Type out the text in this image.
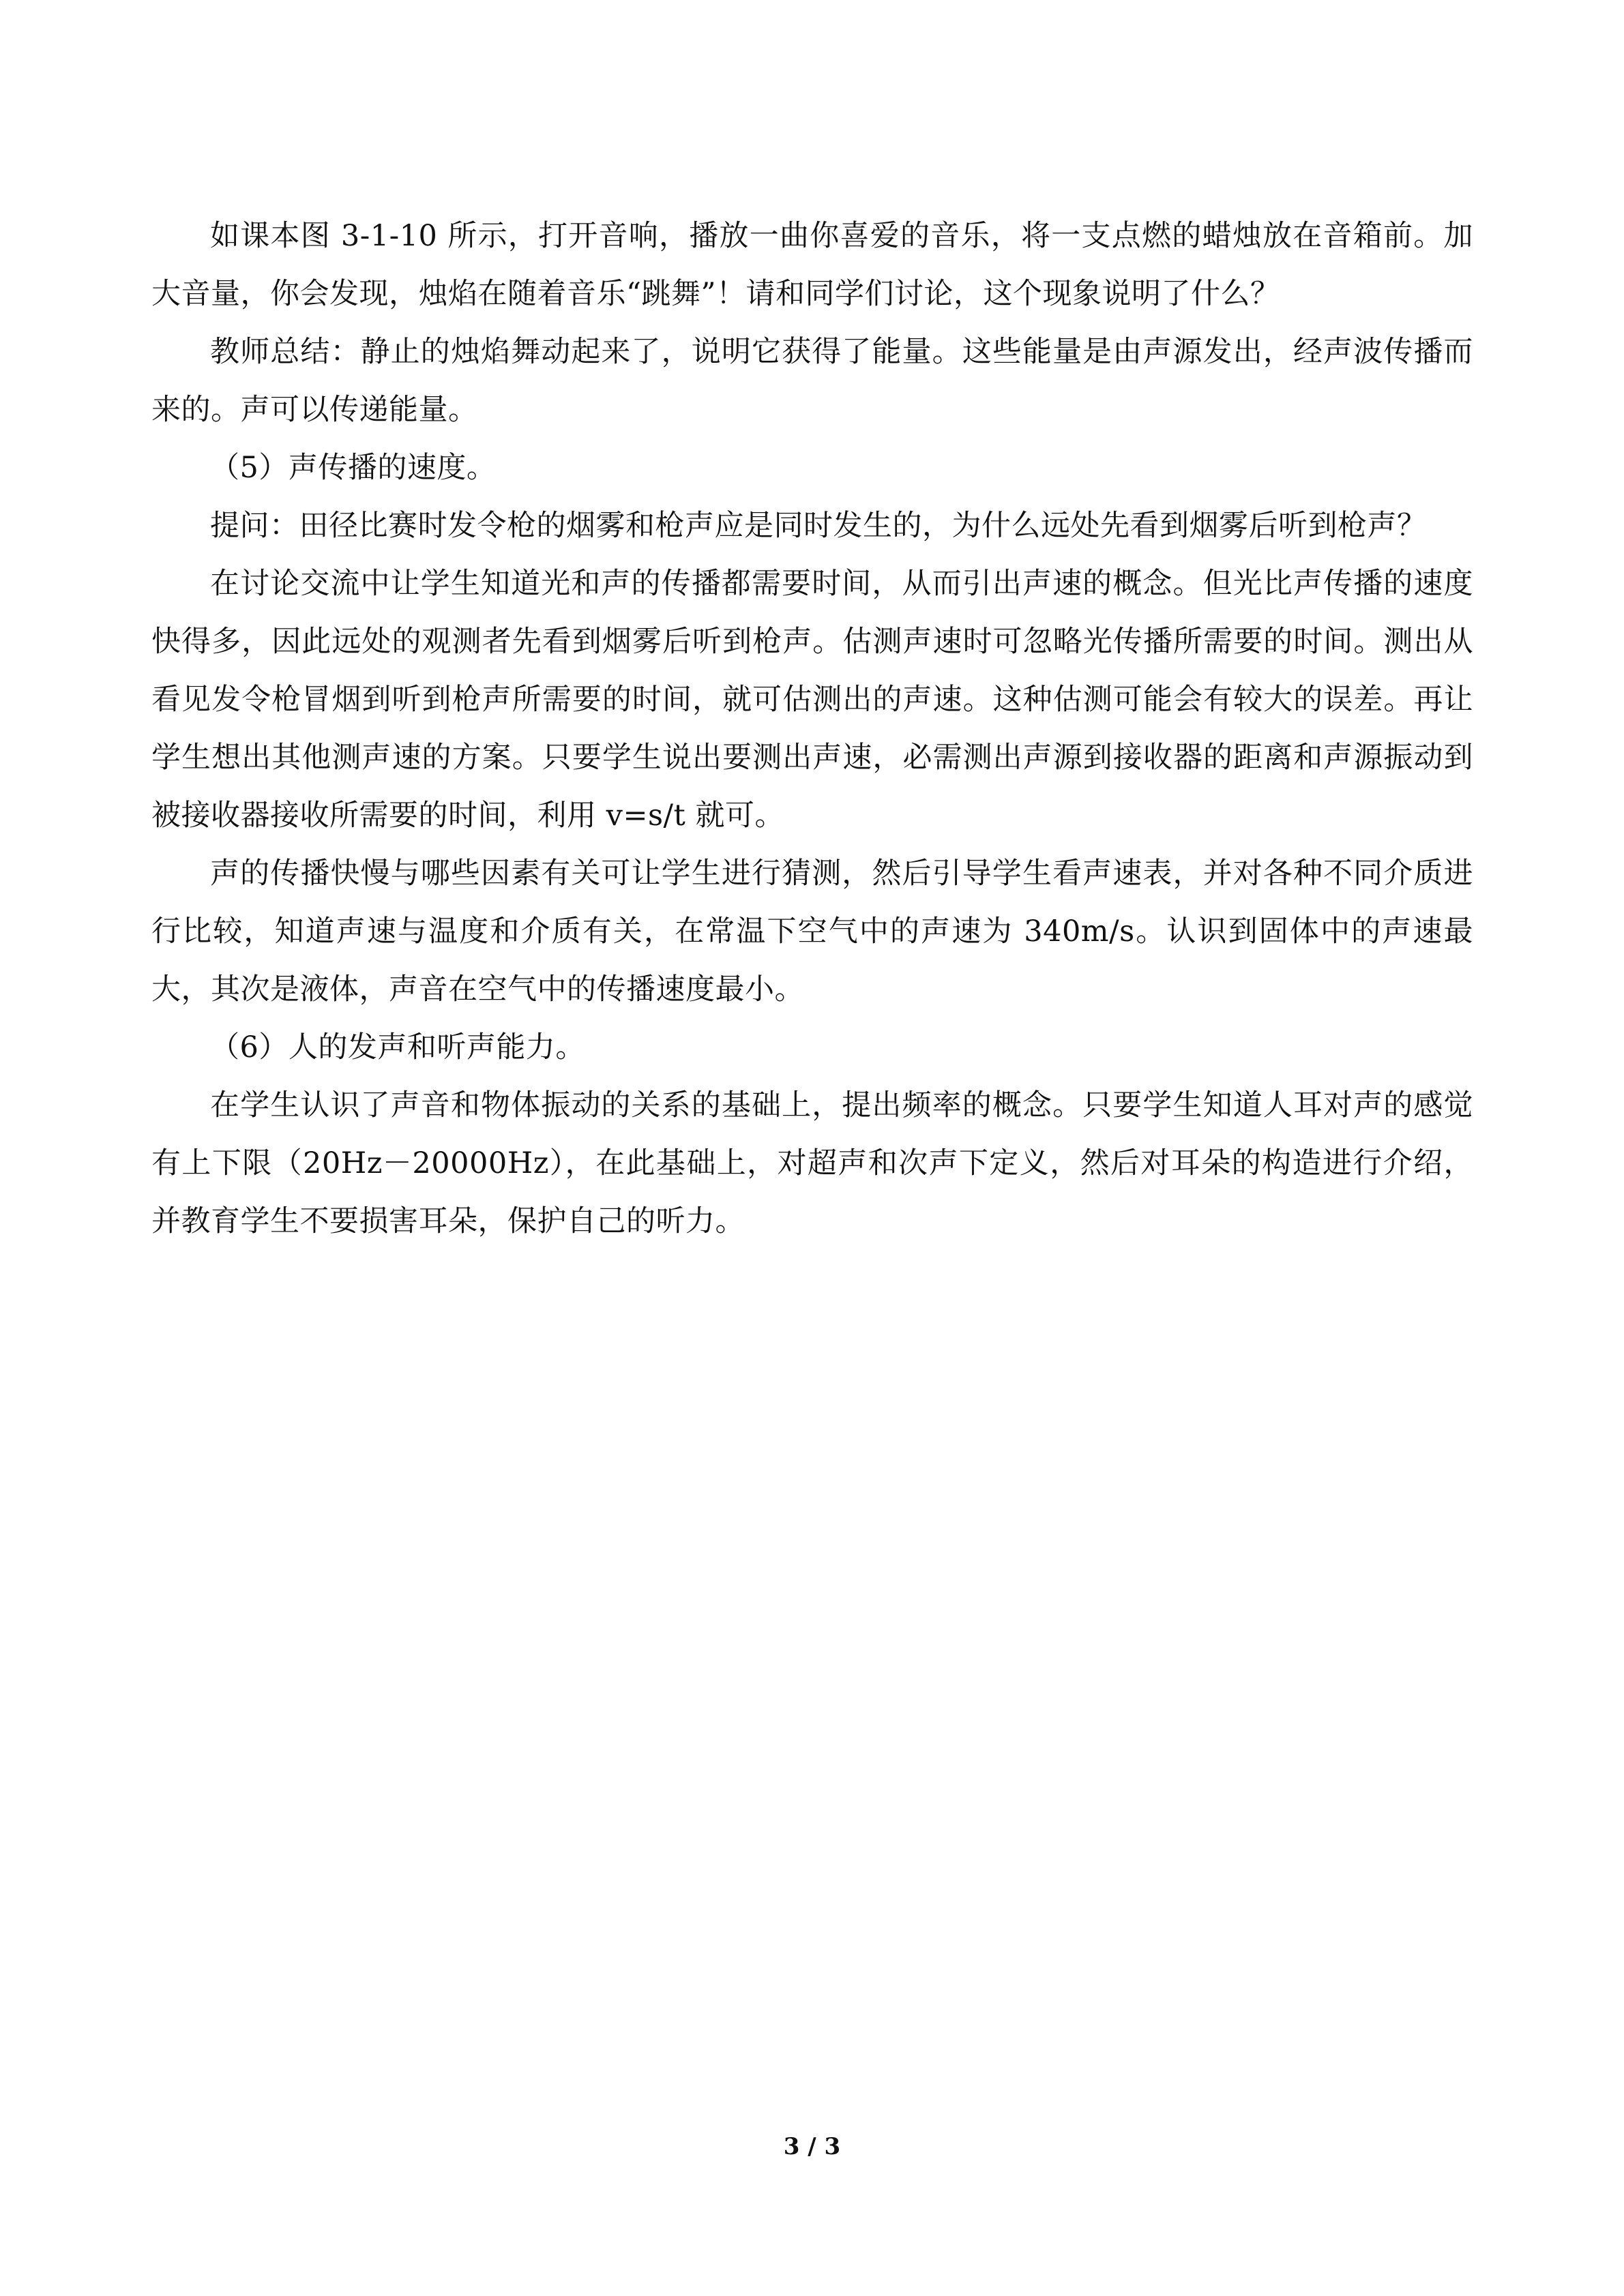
如课本图 3-1-10 所示，打开音响，播放一曲你喜爱的音乐，将一支点燃的蜡烛放在音箱前。加大音量，你会发现，烛焰在随着音乐“跳舞”！请和同学们讨论，这个现象说明了什么？

教师总结：静止的烛焰舞动起来了，说明它获得了能量。这些能量是由声源发出，经声波传播而来的。声可以传递能量。

（5）声传播的速度。

提问：田径比赛时发令枪的烟雾和枪声应是同时发生的，为什么远处先看到烟雾后听到枪声？

在讨论交流中让学生知道光和声的传播都需要时间，从而引出声速的概念。但光比声传播的速度快得多，因此远处的观测者先看到烟雾后听到枪声。估测声速时可忽略光传播所需要的时间。测出从看见发令枪冒烟到听到枪声所需要的时间，就可估测出的声速。这种估测可能会有较大的误差。再让学生想出其他测声速的方案。只要学生说出要测出声速，必需测出声源到接收器的距离和声源振动到被接收器接收所需要的时间，利用 v=s/t 就可。

声的传播快慢与哪些因素有关可让学生进行猜测，然后引导学生看声速表，并对各种不同介质进行比较，知道声速与温度和介质有关，在常温下空气中的声速为 340m/s。认识到固体中的声速最大，其次是液体，声音在空气中的传播速度最小。

（6）人的发声和听声能力。

在学生认识了声音和物体振动的关系的基础上，提出频率的概念。只要学生知道人耳对声的感觉有上下限（20Hz－20000Hz），在此基础上，对超声和次声下定义，然后对耳朵的构造进行介绍，并教育学生不要损害耳朵，保护自己的听力。

3 / 3
